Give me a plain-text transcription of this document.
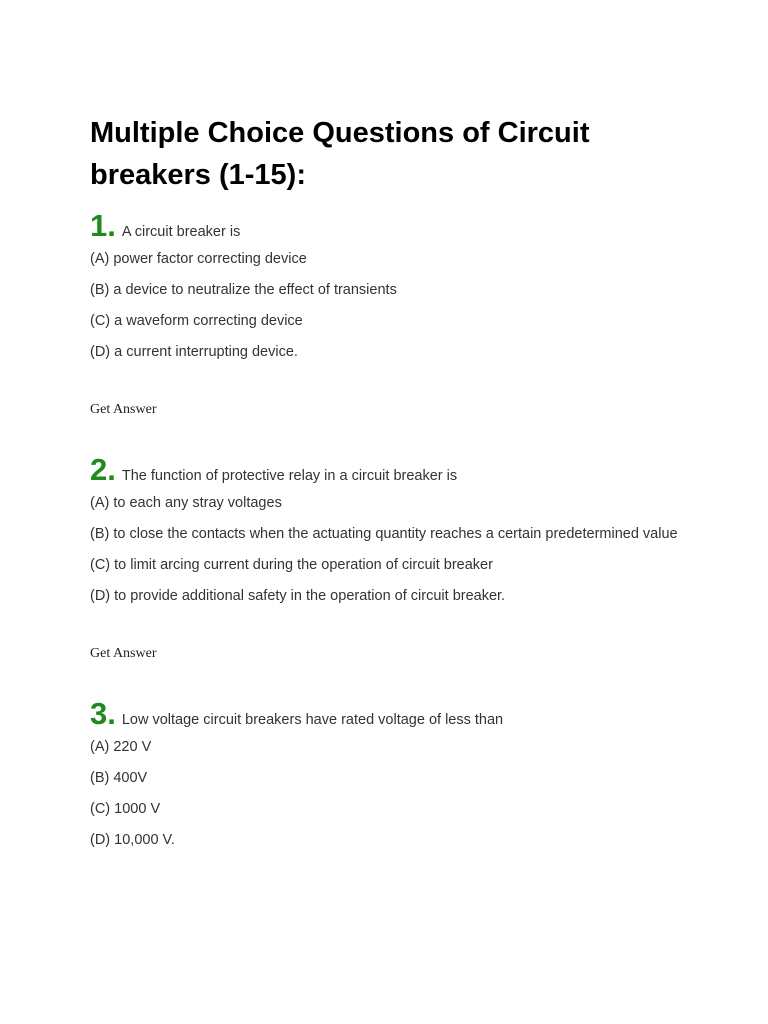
Multiple Choice Questions of Circuit breakers (1-15):
1. A circuit breaker is
(A) power factor correcting device
(B) a device to neutralize the effect of transients
(C) a waveform correcting device
(D) a current interrupting device.
Get Answer
2. The function of protective relay in a circuit breaker is
(A) to each any stray voltages
(B) to close the contacts when the actuating quantity reaches a certain predetermined value
(C) to limit arcing current during the operation of circuit breaker
(D) to provide additional safety in the operation of circuit breaker.
Get Answer
3. Low voltage circuit breakers have rated voltage of less than
(A) 220 V
(B) 400V
(C) 1000 V
(D) 10,000 V.
